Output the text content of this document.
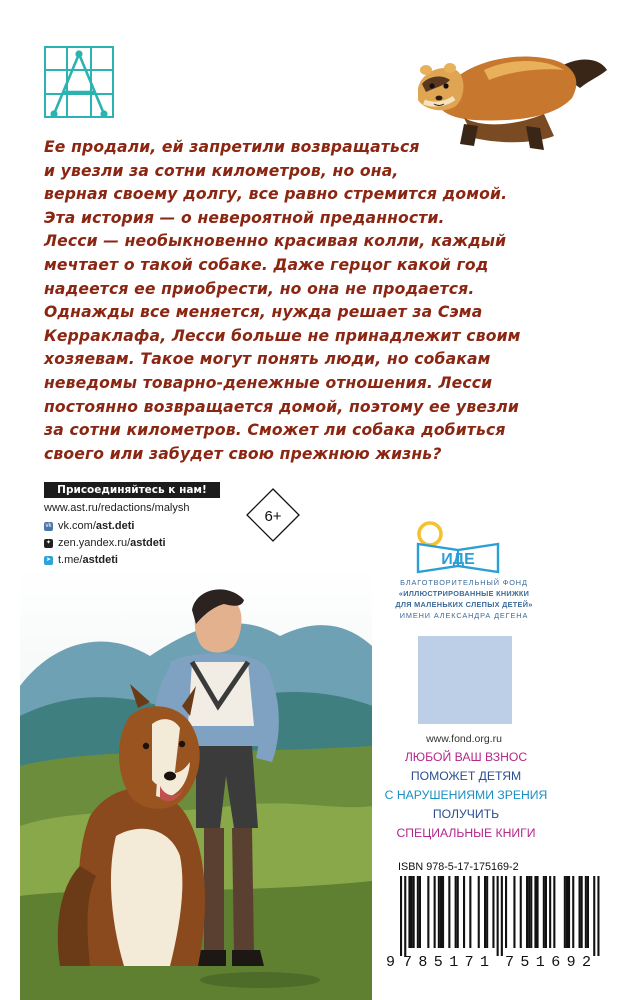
Ее продали, ей запретили возвращаться
и увезли за сотни километров, но она,
верная своему долгу, все равно стремится домой.
Эта история — о невероятной преданности.
Лесси — необыкновенно красивая колли, каждый
мечтает о такой собаке. Даже герцог какой год
надеется ее приобрести, но она не продается.
Однажды все меняется, нужда решает за Сэма
Керраклафа, Лесси больше не принадлежит своим
хозяевам. Такое могут понять люди, но собакам
неведомы товарно-денежные отношения. Лесси
постоянно возвращается домой, поэтому ее увезли
за сотни километров. Сможет ли собака добиться
своего или забудет свою прежнюю жизнь?
Присоединяйтесь к нам!
www.ast.ru/redactions/malysh
vk vk.com/ast.deti
✦ zen.yandex.ru/astdeti
➤ t.me/astdeti
6+
ИДЕ
БЛАГОТВОРИТЕЛЬНЫЙ ФОНД
«ИЛЛЮСТРИРОВАННЫЕ КНИЖКИ
ДЛЯ МАЛЕНЬКИХ СЛЕПЫХ ДЕТЕЙ»
ИМЕНИ АЛЕКСАНДРА ДЕГЕНА
www.fond.org.ru
ЛЮБОЙ ВАШ ВЗНОС
ПОМОЖЕТ ДЕТЯМ
С НАРУШЕНИЯМИ ЗРЕНИЯ
ПОЛУЧИТЬ
СПЕЦИАЛЬНЫЕ КНИГИ
ISBN 978-5-17-175169-2
9 785171 751692
